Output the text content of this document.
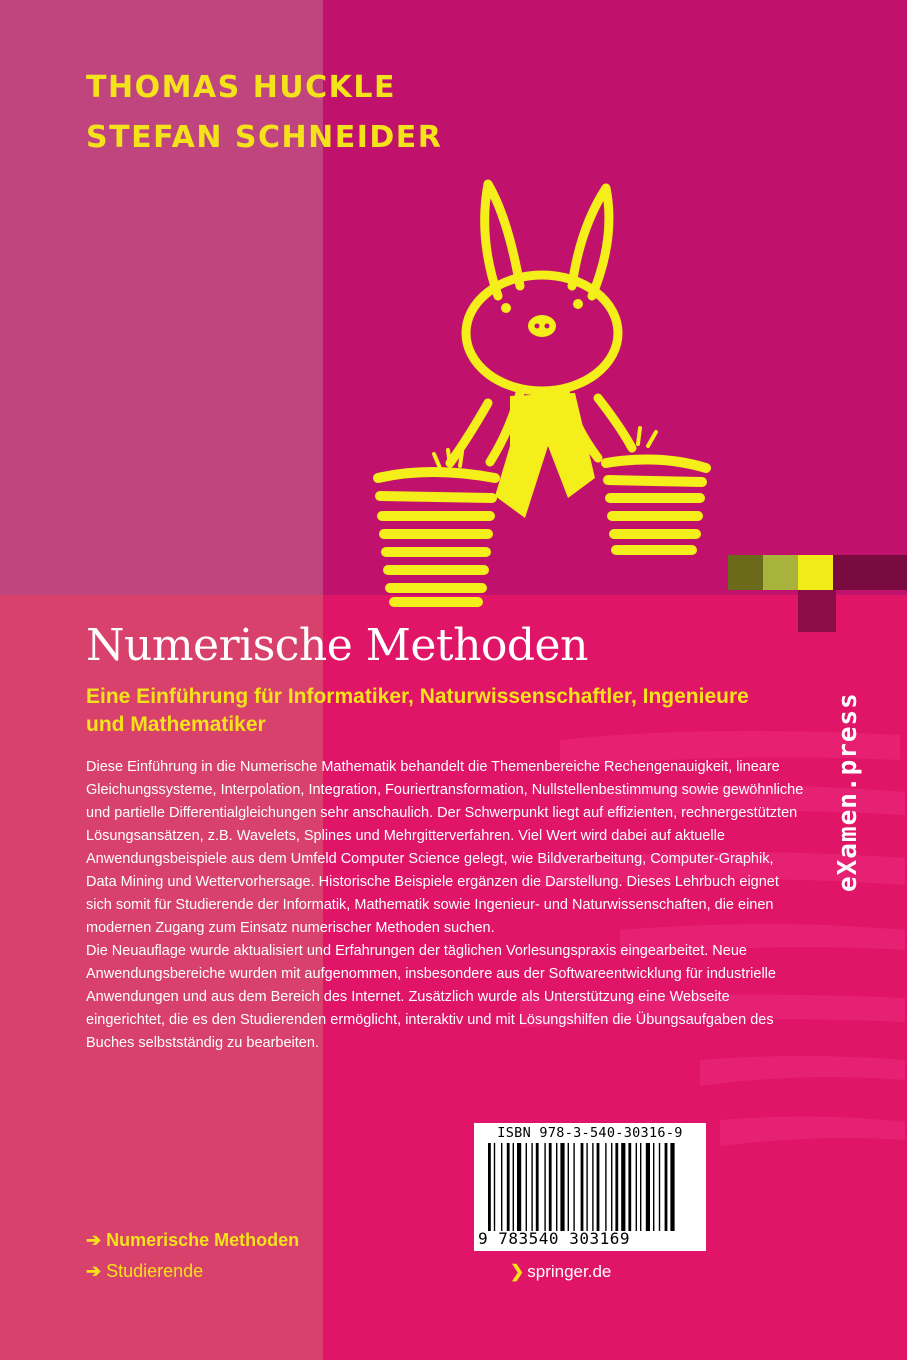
THOMAS HUCKLE
STEFAN SCHNEIDER
eXamen.press
Numerische Methoden
Eine Einführung für Informatiker, Naturwissenschaftler, Ingenieure und Mathematiker

Diese Einführung in die Numerische Mathematik behandelt die Themenbereiche Rechengenauigkeit, lineare Gleichungssysteme, Interpolation, Integration, Fouriertransformation, Nullstellenbestimmung sowie gewöhnliche und partielle Differentialgleichungen sehr anschaulich. Der Schwerpunkt liegt auf effizienten, rechnergestützten Lösungsansätzen, z.B. Wavelets, Splines und Mehrgitterverfahren. Viel Wert wird dabei auf aktuelle Anwendungsbeispiele aus dem Umfeld Computer Science gelegt, wie Bildverarbeitung, Computer-Graphik, Data Mining und Wettervorhersage. Historische Beispiele ergänzen die Darstellung. Dieses Lehrbuch eignet sich somit für Studierende der Informatik, Mathematik sowie Ingenieur- und Naturwissenschaften, die einen modernen Zugang zum Einsatz numerischer Methoden suchen.

Die Neuauflage wurde aktualisiert und Erfahrungen der täglichen Vorlesungspraxis eingearbeitet. Neue Anwendungsbereiche wurden mit aufgenommen, insbesondere aus der Softwareentwicklung für industrielle Anwendungen und aus dem Bereich des Internet. Zusätzlich wurde als Unterstützung eine Webseite eingerichtet, die es den Studierenden ermöglicht, interaktiv und mit Lösungshilfen die Übungsaufgaben des Buches selbstständig zu bearbeiten.

ISBN 978-3-540-30316-9
9 783540 303169
➔ Numerische Methoden
➔ Studierende	❯ springer.de
